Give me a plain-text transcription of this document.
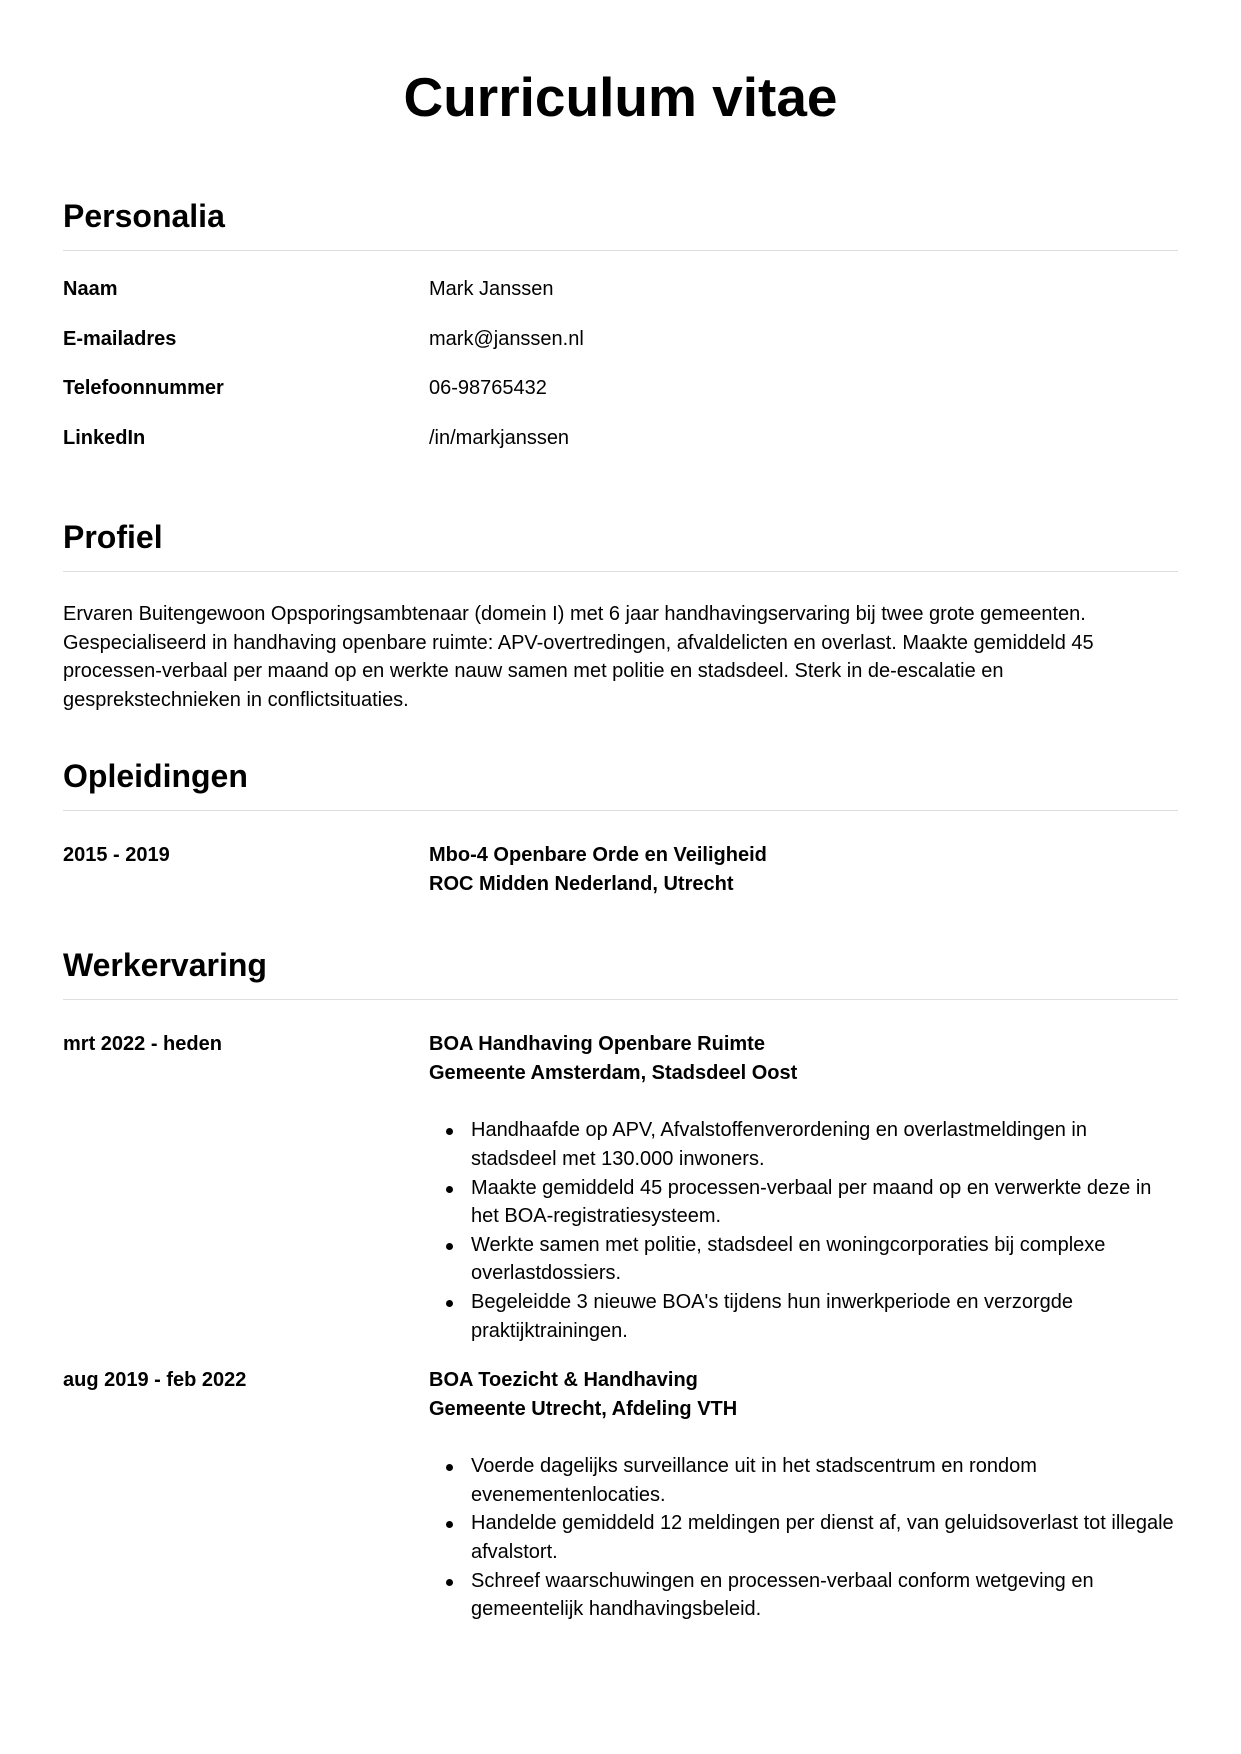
Curriculum vitae
Personalia
Naam	Mark Janssen
E-mailadres	mark@janssen.nl
Telefoonnummer	06-98765432
LinkedIn	/in/markjanssen
Profiel

Ervaren Buitengewoon Opsporingsambtenaar (domein I) met 6 jaar handhavingservaring bij twee grote gemeenten. Gespecialiseerd in handhaving openbare ruimte: APV-overtredingen, afvaldelicten en overlast. Maakte gemiddeld 45 processen-verbaal per maand op en werkte nauw samen met politie en stadsdeel. Sterk in de-escalatie en gesprekstechnieken in conflictsituaties.

Opleidingen
2015 - 2019	Mbo-4 Openbare Orde en Veiligheid
ROC Midden Nederland, Utrecht
Werkervaring
mrt 2022 - heden	BOA Handhaving Openbare Ruimte
Gemeente Amsterdam, Stadsdeel Oost
Handhaafde op APV, Afvalstoffenverordening en overlastmeldingen in stadsdeel met 130.000 inwoners.
Maakte gemiddeld 45 processen-verbaal per maand op en verwerkte deze in het BOA-registratiesysteem.
Werkte samen met politie, stadsdeel en woningcorporaties bij complexe overlastdossiers.
Begeleidde 3 nieuwe BOA's tijdens hun inwerkperiode en verzorgde praktijktrainingen.
aug 2019 - feb 2022	BOA Toezicht & Handhaving
Gemeente Utrecht, Afdeling VTH
Voerde dagelijks surveillance uit in het stadscentrum en rondom evenementenlocaties.
Handelde gemiddeld 12 meldingen per dienst af, van geluidsoverlast tot illegale afvalstort.
Schreef waarschuwingen en processen-verbaal conform wetgeving en gemeentelijk handhavingsbeleid.
